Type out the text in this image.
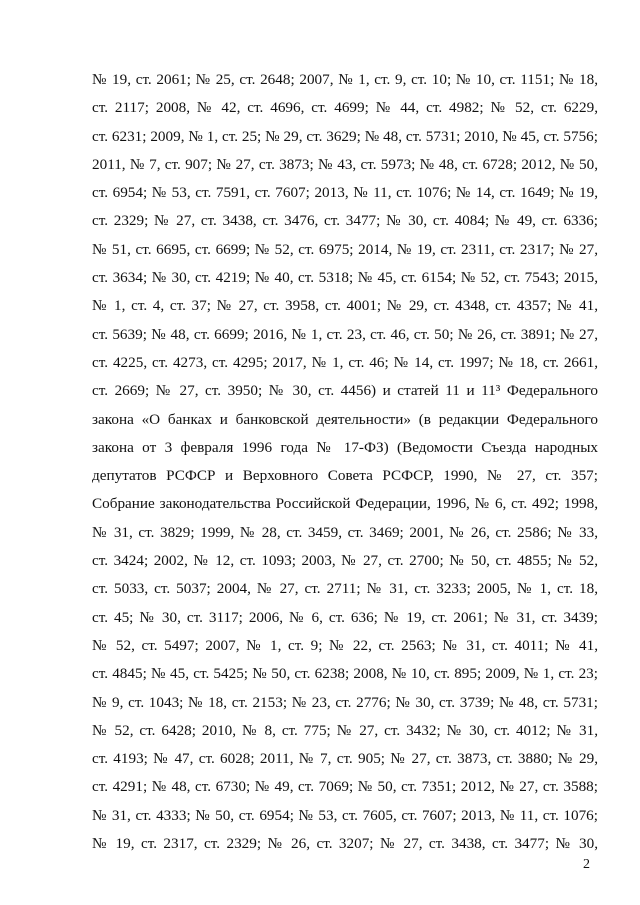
№ 19, ст. 2061; № 25, ст. 2648; 2007, № 1, ст. 9, ст. 10; № 10, ст. 1151; № 18,
ст. 2117; 2008, № 42, ст. 4696, ст. 4699; № 44, ст. 4982; № 52, ст. 6229,
ст. 6231; 2009, № 1, ст. 25; № 29, ст. 3629; № 48, ст. 5731; 2010, № 45, ст. 5756;
2011, № 7, ст. 907; № 27, ст. 3873; № 43, ст. 5973; № 48, ст. 6728; 2012, № 50,
ст. 6954; № 53, ст. 7591, ст. 7607; 2013, № 11, ст. 1076; № 14, ст. 1649; № 19,
ст. 2329; № 27, ст. 3438, ст. 3476, ст. 3477; № 30, ст. 4084; № 49, ст. 6336;
№ 51, ст. 6695, ст. 6699; № 52, ст. 6975; 2014, № 19, ст. 2311, ст. 2317; № 27,
ст. 3634; № 30, ст. 4219; № 40, ст. 5318; № 45, ст. 6154; № 52, ст. 7543; 2015,
№ 1, ст. 4, ст. 37; № 27, ст. 3958, ст. 4001; № 29, ст. 4348, ст. 4357; № 41,
ст. 5639; № 48, ст. 6699; 2016, № 1, ст. 23, ст. 46, ст. 50; № 26, ст. 3891; № 27,
ст. 4225, ст. 4273, ст. 4295; 2017, № 1, ст. 46; № 14, ст. 1997; № 18, ст. 2661,
ст. 2669; № 27, ст. 3950; № 30, ст. 4456) и статей 11 и 11³ Федерального
закона «О банках и банковской деятельности» (в редакции Федерального
закона от 3 февраля 1996 года № 17-ФЗ) (Ведомости Съезда народных
депутатов РСФСР и Верховного Совета РСФСР, 1990, № 27, ст. 357;
Собрание законодательства Российской Федерации, 1996, № 6, ст. 492; 1998,
№ 31, ст. 3829; 1999, № 28, ст. 3459, ст. 3469; 2001, № 26, ст. 2586; № 33,
ст. 3424; 2002, № 12, ст. 1093; 2003, № 27, ст. 2700; № 50, ст. 4855; № 52,
ст. 5033, ст. 5037; 2004, № 27, ст. 2711; № 31, ст. 3233; 2005, № 1, ст. 18,
ст. 45; № 30, ст. 3117; 2006, № 6, ст. 636; № 19, ст. 2061; № 31, ст. 3439;
№ 52, ст. 5497; 2007, № 1, ст. 9; № 22, ст. 2563; № 31, ст. 4011; № 41,
ст. 4845; № 45, ст. 5425; № 50, ст. 6238; 2008, № 10, ст. 895; 2009, № 1, ст. 23;
№ 9, ст. 1043; № 18, ст. 2153; № 23, ст. 2776; № 30, ст. 3739; № 48, ст. 5731;
№ 52, ст. 6428; 2010, № 8, ст. 775; № 27, ст. 3432; № 30, ст. 4012; № 31,
ст. 4193; № 47, ст. 6028; 2011, № 7, ст. 905; № 27, ст. 3873, ст. 3880; № 29,
ст. 4291; № 48, ст. 6730; № 49, ст. 7069; № 50, ст. 7351; 2012, № 27, ст. 3588;
№ 31, ст. 4333; № 50, ст. 6954; № 53, ст. 7605, ст. 7607; 2013, № 11, ст. 1076;
№ 19, ст. 2317, ст. 2329; № 26, ст. 3207; № 27, ст. 3438, ст. 3477; № 30,
2
